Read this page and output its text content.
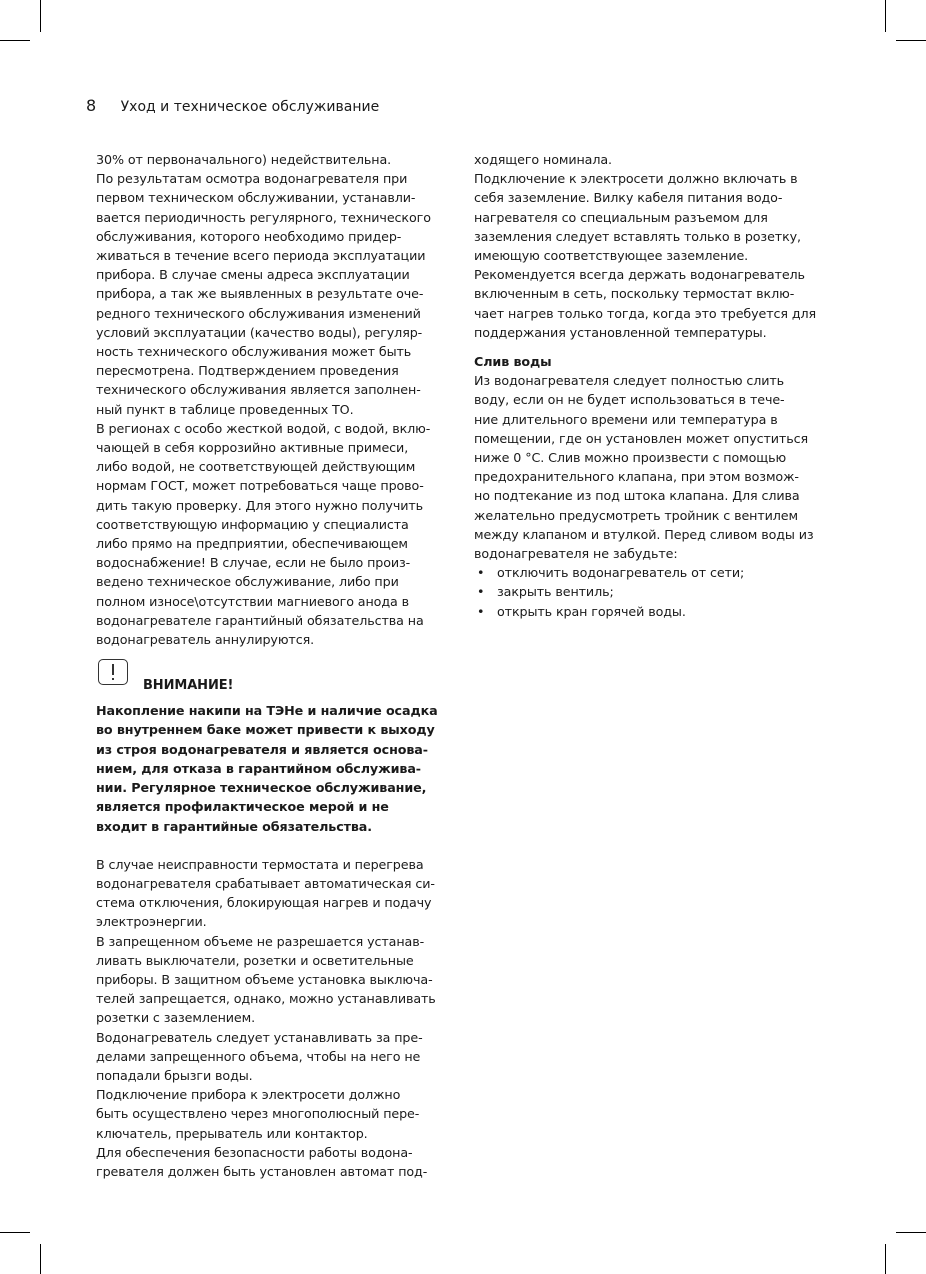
8 Уход и техническое обслуживание
30% от первоначального) недействительна.
По результатам осмотра водонагревателя при
первом техническом обслуживании, устанавли-
вается периодичность регулярного, технического
обслуживания, которого необходимо придер-
живаться в течение всего периода эксплуатации
прибора. В случае смены адреса эксплуатации
прибора, а так же выявленных в результате оче-
редного технического обслуживания изменений
условий эксплуатации (качество воды), регуляр-
ность технического обслуживания может быть
пересмотрена. Подтверждением проведения
технического обслуживания является заполнен-
ный пункт в таблице проведенных ТО.
В регионах с особо жесткой водой, с водой, вклю-
чающей в себя коррозийно активные примеси,
либо водой, не соответствующей действующим
нормам ГОСТ, может потребоваться чаще прово-
дить такую проверку. Для этого нужно получить
соответствующую информацию у специалиста
либо прямо на предприятии, обеспечивающем
водоснабжение! В случае, если не было произ-
ведено техническое обслуживание, либо при
полном износе\отсутствии магниевого анода в
водонагревателе гарантийный обязательства на
водонагреватель аннулируются.
ВНИМАНИЕ!
Накопление накипи на ТЭНе и наличие осадка
во внутреннем баке может привести к выходу
из строя водонагревателя и является основа-
нием, для отказа в гарантийном обслужива-
нии. Регулярное техническое обслуживание,
является профилактическое мерой и не
входит в гарантийные обязательства.
В случае неисправности термостата и перегрева
водонагревателя срабатывает автоматическая си-
стема отключения, блокирующая нагрев и подачу
электроэнергии.
В запрещенном объеме не разрешается устанав-
ливать выключатели, розетки и осветительные
приборы. В защитном объеме установка выключа-
телей запрещается, однако, можно устанавливать
розетки с заземлением.
Водонагреватель следует устанавливать за пре-
делами запрещенного объема, чтобы на него не
попадали брызги воды.
Подключение прибора к электросети должно
быть осуществлено через многополюсный пере-
ключатель, прерыватель или контактор.
Для обеспечения безопасности работы водона-
гревателя должен быть установлен автомат под-
ходящего номинала.
Подключение к электросети должно включать в
себя заземление. Вилку кабеля питания водо-
нагревателя со специальным разъемом для
заземления следует вставлять только в розетку,
имеющую соответствующее заземление.
Рекомендуется всегда держать водонагреватель
включенным в сеть, поскольку термостат вклю-
чает нагрев только тогда, когда это требуется для
поддержания установленной температуры.
Слив воды
Из водонагревателя следует полностью слить
воду, если он не будет использоваться в тече-
ние длительного времени или температура в
помещении, где он установлен может опуститься
ниже 0 °C. Слив можно произвести с помощью
предохранительного клапана, при этом возмож-
но подтекание из под штока клапана. Для слива
желательно предусмотреть тройник с вентилем
между клапаном и втулкой. Перед сливом воды из
водонагревателя не забудьте:
• отключить водонагреватель от сети;
• закрыть вентиль;
• открыть кран горячей воды.
